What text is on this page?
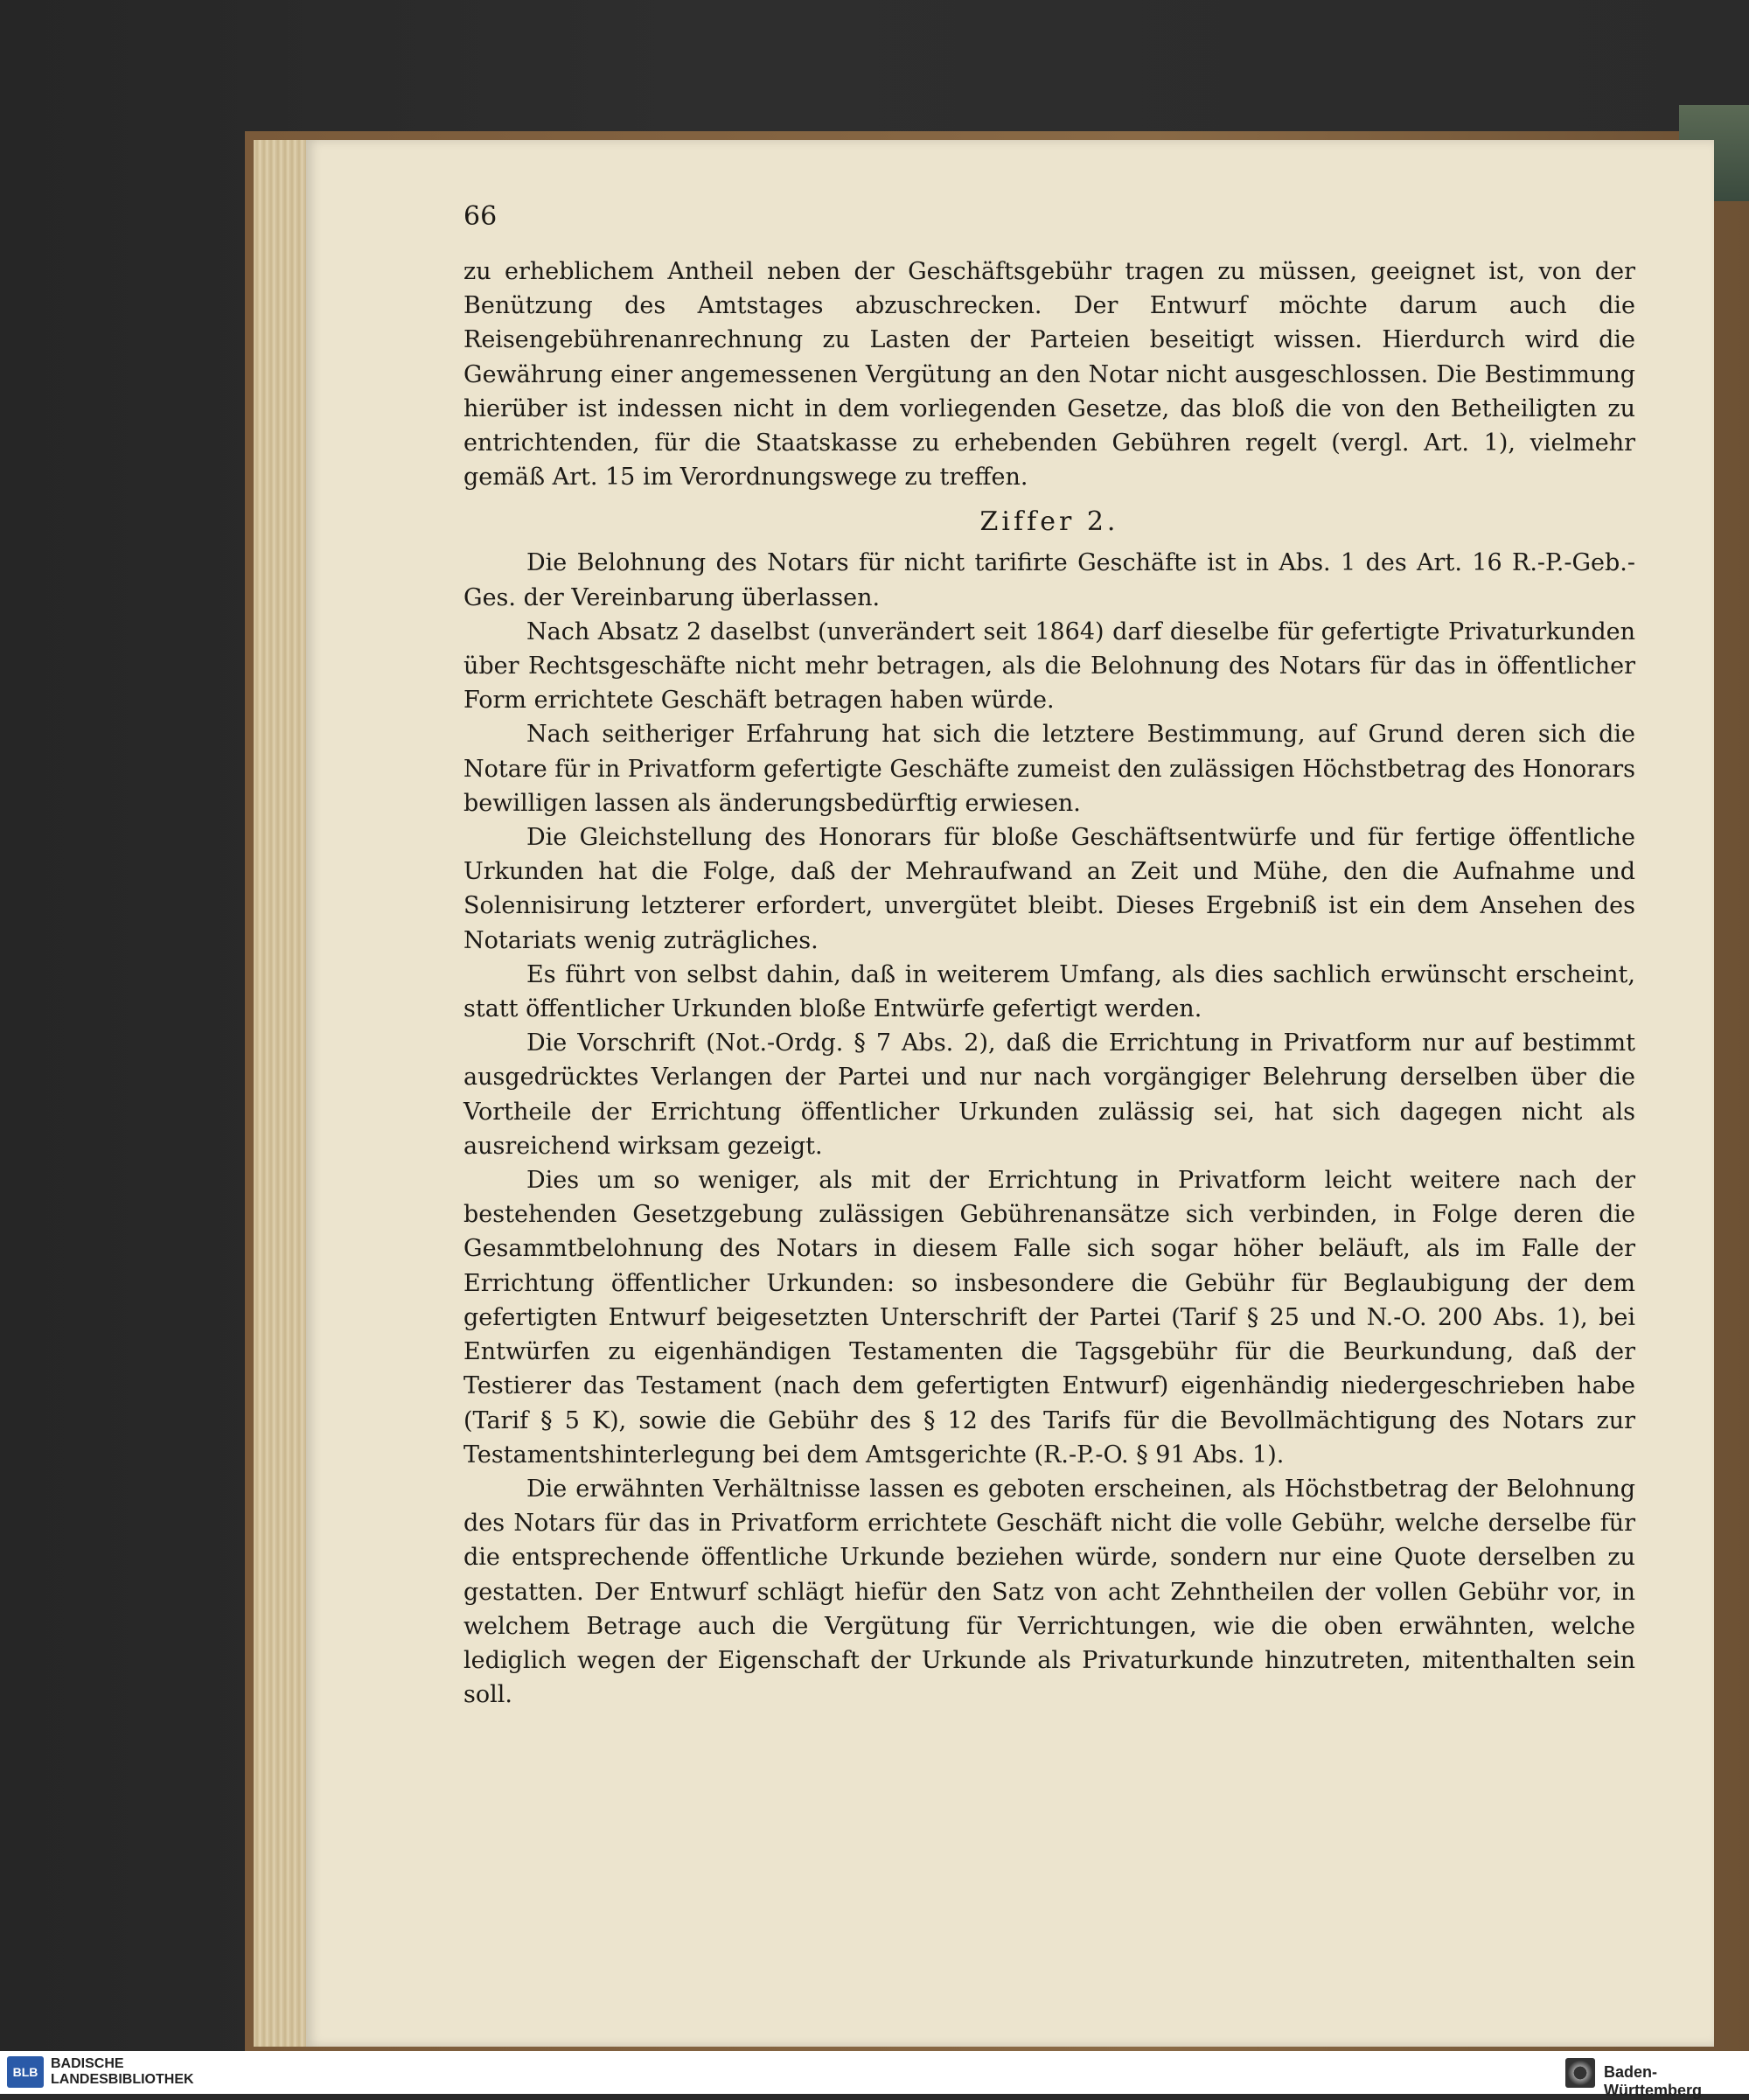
66

zu erheblichem Antheil neben der Geschäftsgebühr tragen zu müssen, geeignet ist, von der Benützung des Amtstages abzuschrecken. Der Entwurf möchte darum auch die Reisengebührenanrechnung zu Lasten der Parteien beseitigt wissen. Hierdurch wird die Gewährung einer angemessenen Vergütung an den Notar nicht ausgeschlossen. Die Bestimmung hierüber ist indessen nicht in dem vorliegenden Gesetze, das bloß die von den Betheiligten zu entrichtenden, für die Staatskasse zu erhebenden Gebühren regelt (vergl. Art. 1), vielmehr gemäß Art. 15 im Verordnungswege zu treffen.

Ziffer 2.

Die Belohnung des Notars für nicht tarifirte Geschäfte ist in Abs. 1 des Art. 16 R.-P.-Geb.-Ges. der Vereinbarung überlassen.

Nach Absatz 2 daselbst (unverändert seit 1864) darf dieselbe für gefertigte Privaturkunden über Rechtsgeschäfte nicht mehr betragen, als die Belohnung des Notars für das in öffentlicher Form errichtete Geschäft betragen haben würde.

Nach seitheriger Erfahrung hat sich die letztere Bestimmung, auf Grund deren sich die Notare für in Privatform gefertigte Geschäfte zumeist den zulässigen Höchstbetrag des Honorars bewilligen lassen als änderungsbedürftig erwiesen.

Die Gleichstellung des Honorars für bloße Geschäftsentwürfe und für fertige öffentliche Urkunden hat die Folge, daß der Mehraufwand an Zeit und Mühe, den die Aufnahme und Solennisirung letzterer erfordert, unvergütet bleibt. Dieses Ergebniß ist ein dem Ansehen des Notariats wenig zuträgliches.

Es führt von selbst dahin, daß in weiterem Umfang, als dies sachlich erwünscht erscheint, statt öffentlicher Urkunden bloße Entwürfe gefertigt werden.

Die Vorschrift (Not.-Ordg. § 7 Abs. 2), daß die Errichtung in Privatform nur auf bestimmt ausgedrücktes Verlangen der Partei und nur nach vorgängiger Belehrung derselben über die Vortheile der Errichtung öffentlicher Urkunden zulässig sei, hat sich dagegen nicht als ausreichend wirksam gezeigt.

Dies um so weniger, als mit der Errichtung in Privatform leicht weitere nach der bestehenden Gesetzgebung zulässigen Gebührenansätze sich verbinden, in Folge deren die Gesammtbelohnung des Notars in diesem Falle sich sogar höher beläuft, als im Falle der Errichtung öffentlicher Urkunden: so insbesondere die Gebühr für Beglaubigung der dem gefertigten Entwurf beigesetzten Unterschrift der Partei (Tarif § 25 und N.-O. 200 Abs. 1), bei Entwürfen zu eigenhändigen Testamenten die Tagsgebühr für die Beurkundung, daß der Testierer das Testament (nach dem gefertigten Entwurf) eigenhändig niedergeschrieben habe (Tarif § 5 K), sowie die Gebühr des § 12 des Tarifs für die Bevollmächtigung des Notars zur Testamentshinterlegung bei dem Amtsgerichte (R.-P.-O. § 91 Abs. 1).

Die erwähnten Verhältnisse lassen es geboten erscheinen, als Höchstbetrag der Belohnung des Notars für das in Privatform errichtete Geschäft nicht die volle Gebühr, welche derselbe für die entsprechende öffentliche Urkunde beziehen würde, sondern nur eine Quote derselben zu gestatten. Der Entwurf schlägt hiefür den Satz von acht Zehntheilen der vollen Gebühr vor, in welchem Betrage auch die Vergütung für Verrichtungen, wie die oben erwähnten, welche lediglich wegen der Eigenschaft der Urkunde als Privaturkunde hinzutreten, mitenthalten sein soll.

BLB
BADISCHE
LANDESBIBLIOTHEK	Baden-Württemberg
